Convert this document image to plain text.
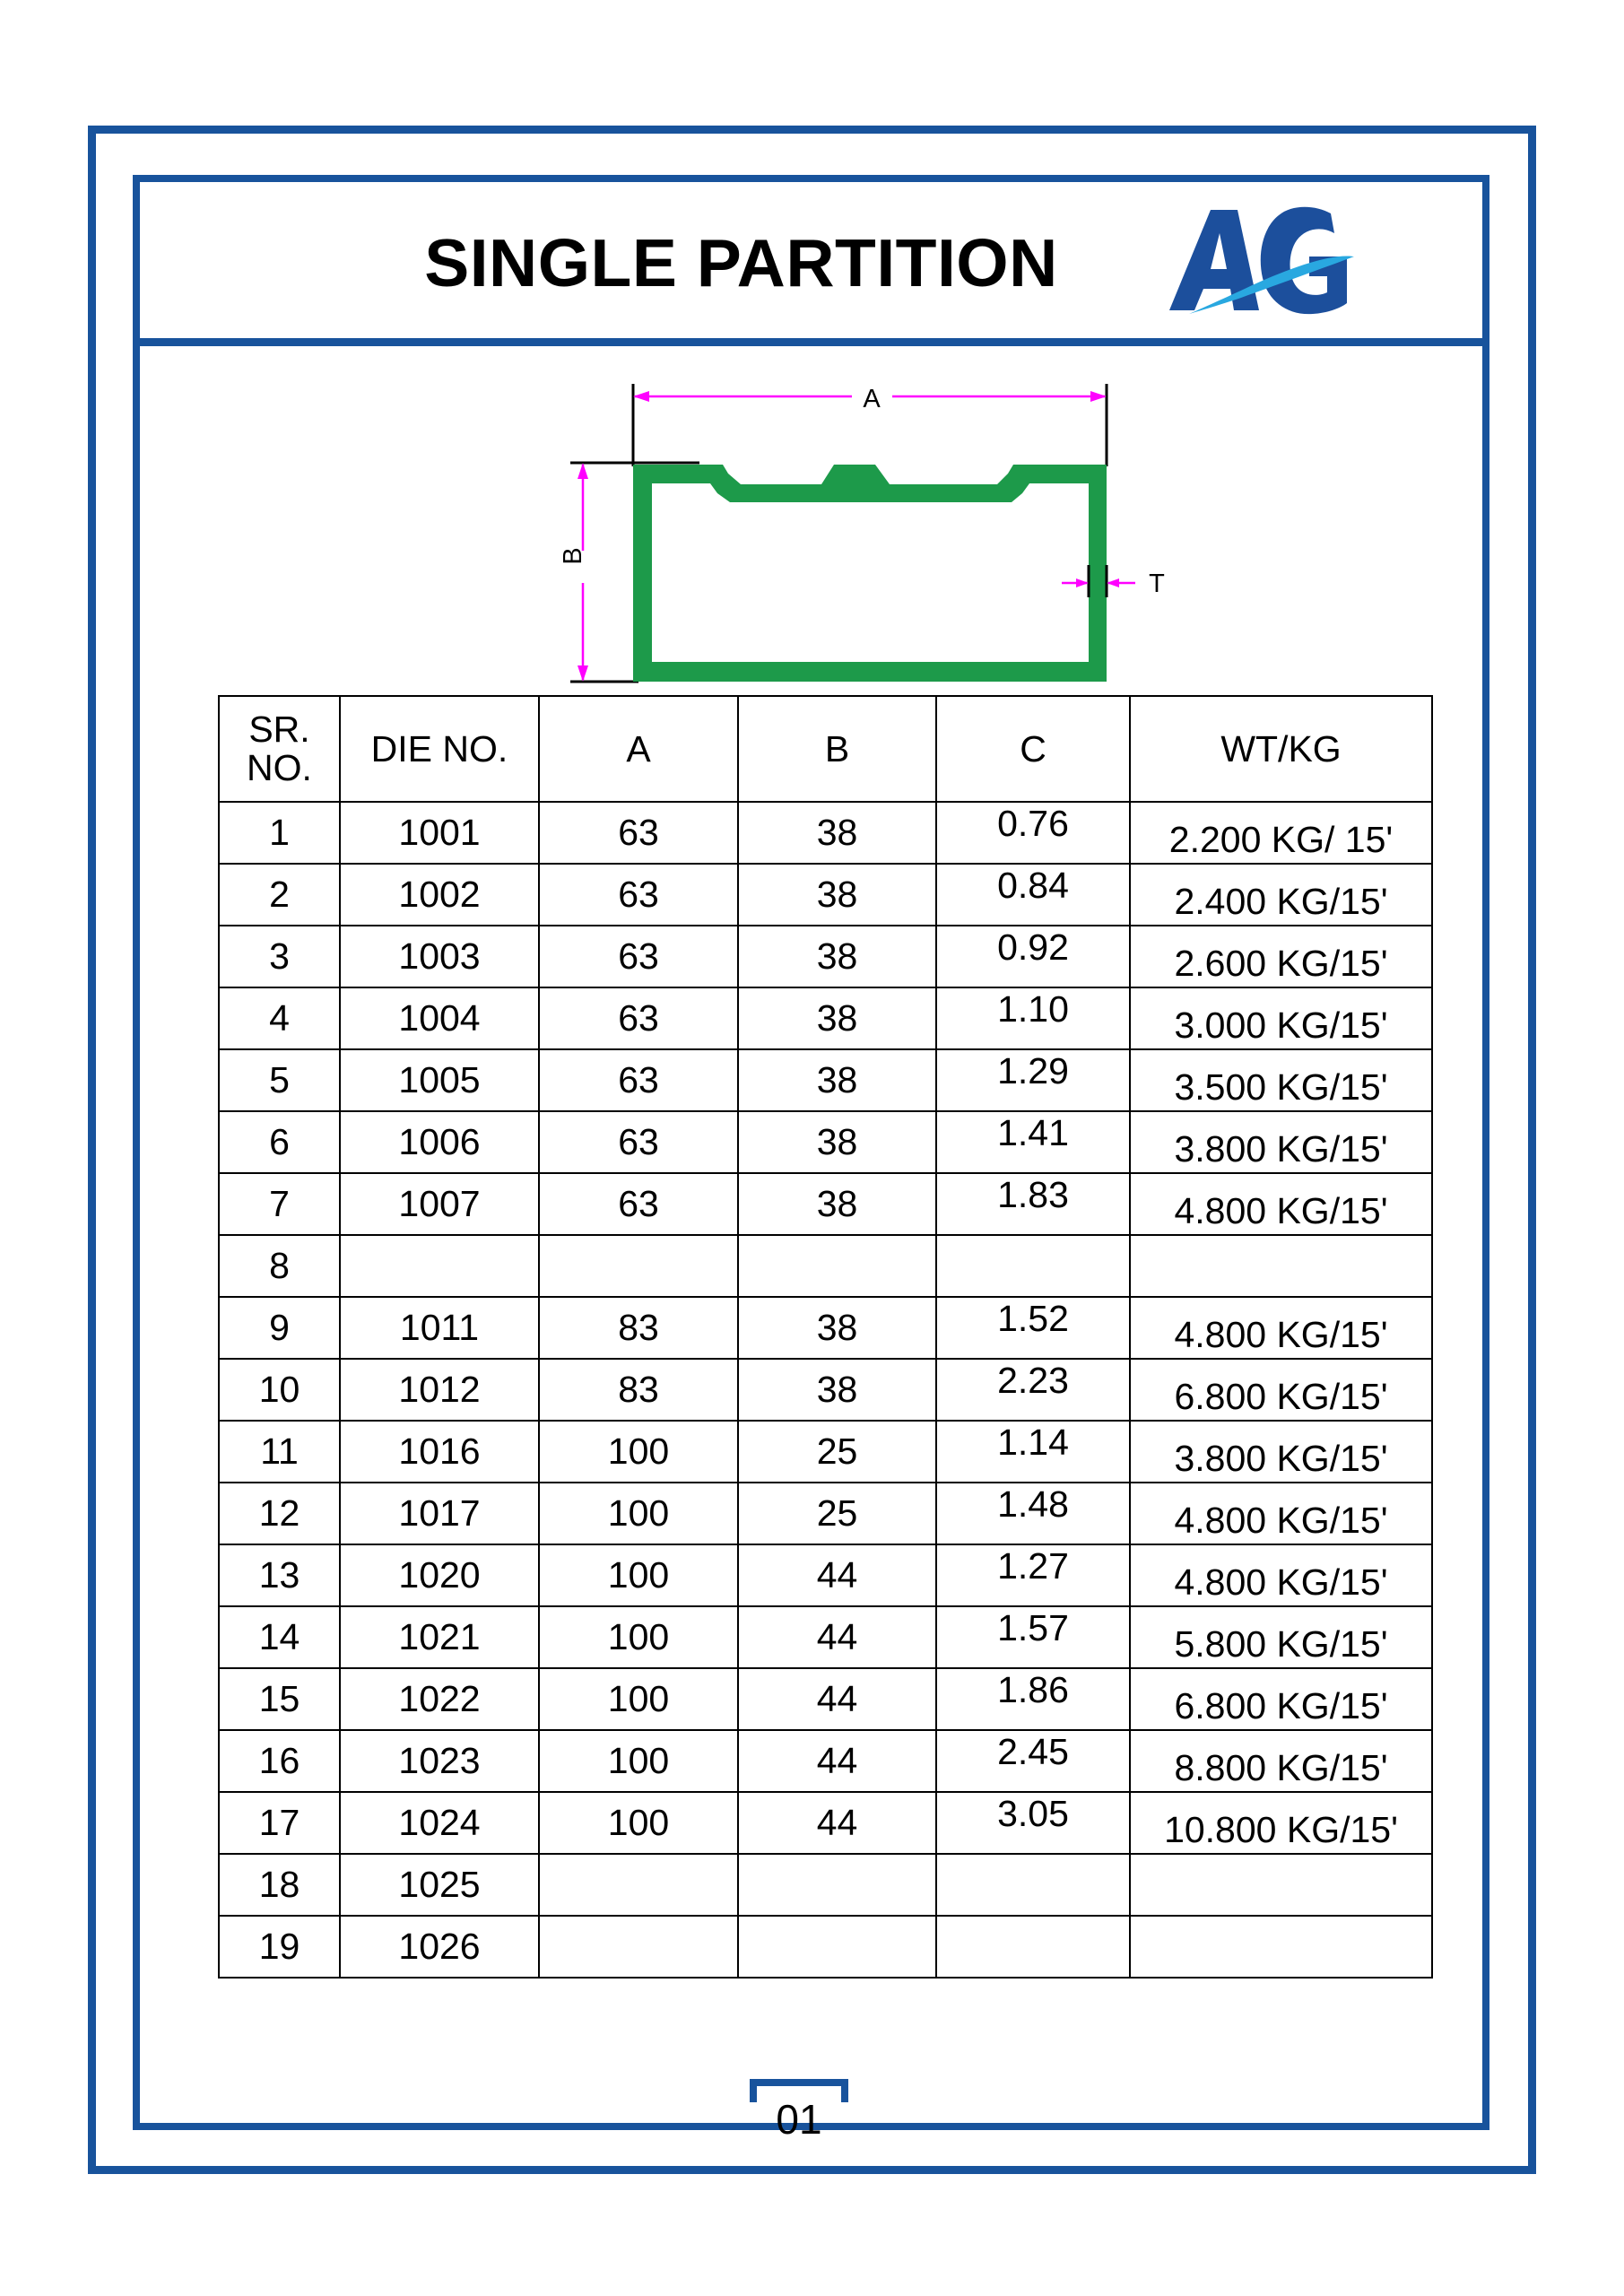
SINGLE PARTITION
A
B
T
SR.
NO.	DIE NO.	A	B	C	WT/KG
1	1001	63	38	0.76	2.200 KG/ 15'
2	1002	63	38	0.84	2.400 KG/15'
3	1003	63	38	0.92	2.600 KG/15'
4	1004	63	38	1.10	3.000 KG/15'
5	1005	63	38	1.29	3.500 KG/15'
6	1006	63	38	1.41	3.800 KG/15'
7	1007	63	38	1.83	4.800 KG/15'
8					
9	1011	83	38	1.52	4.800 KG/15'
10	1012	83	38	2.23	6.800 KG/15'
11	1016	100	25	1.14	3.800 KG/15'
12	1017	100	25	1.48	4.800 KG/15'
13	1020	100	44	1.27	4.800 KG/15'
14	1021	100	44	1.57	5.800 KG/15'
15	1022	100	44	1.86	6.800 KG/15'
16	1023	100	44	2.45	8.800 KG/15'
17	1024	100	44	3.05	10.800 KG/15'
18	1025				
19	1026				
01
